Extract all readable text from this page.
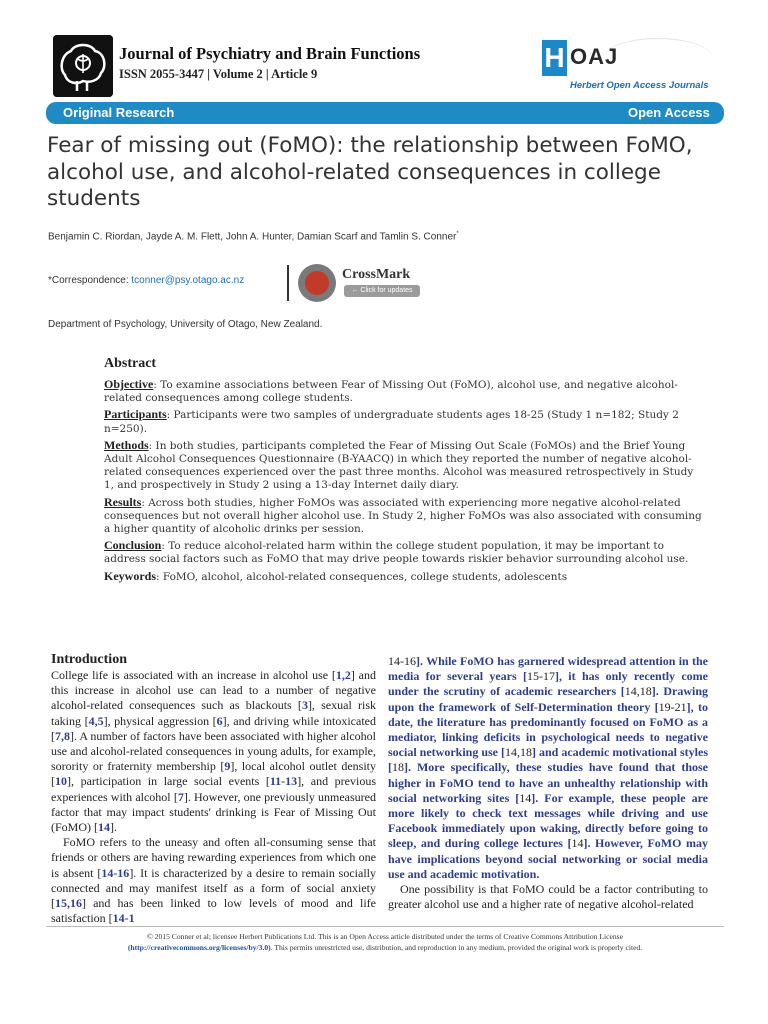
Journal of Psychiatry and Brain Functions
ISSN 2055-3447 | Volume 2 | Article 9
H OAJ
Herbert Open Access Journals
Original Research	Open Access
Fear of missing out (FoMO): the relationship between FoMO, alcohol use, and alcohol-related consequences in college students
Benjamin C. Riordan, Jayde A. M. Flett, John A. Hunter, Damian Scarf and Tamlin S. Conner*
*Correspondence: tconner@psy.otago.ac.nz	CrossMark
← Click for updates
Department of Psychology, University of Otago, New Zealand.
Abstract

Objective: To examine associations between Fear of Missing Out (FoMO), alcohol use, and negative alcohol-related consequences among college students.

Participants: Participants were two samples of undergraduate students ages 18-25 (Study 1 n=182; Study 2 n=250).

Methods: In both studies, participants completed the Fear of Missing Out Scale (FoMOs) and the Brief Young Adult Alcohol Consequences Questionnaire (B-YAACQ) in which they reported the number of negative alcohol-related consequences experienced over the past three months. Alcohol was measured retrospectively in Study 1, and prospectively in Study 2 using a 13-day Internet daily diary.

Results: Across both studies, higher FoMOs was associated with experiencing more negative alcohol-related consequences but not overall higher alcohol use. In Study 2, higher FoMOs was also associated with consuming a higher quantity of alcoholic drinks per session.

Conclusion: To reduce alcohol-related harm within the college student population, it may be important to address social factors such as FoMO that may drive people towards riskier behavior surrounding alcohol use.

Keywords: FoMO, alcohol, alcohol-related consequences, college students, adolescents

Introduction

College life is associated with an increase in alcohol use [1,2] and this increase in alcohol use can lead to a number of negative alcohol-related consequences such as blackouts [3], sexual risk taking [4,5], physical aggression [6], and driving while intoxicated [7,8]. A number of factors have been associated with higher alcohol use and alcohol-related consequences in young adults, for example, sorority or fraternity membership [9], local alcohol outlet density [10], participation in large social events [11-13], and previous experiences with alcohol [7]. However, one previously unmeasured factor that may impact students' drinking is Fear of Missing Out (FoMO) [14].

FoMO refers to the uneasy and often all-consuming sense that friends or others are having rewarding experiences from which one is absent [14-16]. It is characterized by a desire to remain socially connected and may manifest itself as a form of social anxiety [15,16] and has been linked to low levels of mood and life satisfaction [14-1

14-16]. While FoMO has garnered widespread attention in the media for several years [15-17], it has only recently come under the scrutiny of academic researchers [14,18]. Drawing upon the framework of Self-Determination theory [19-21], to date, the literature has predominantly focused on FoMO as a mediator, linking deficits in psychological needs to negative social networking use [14,18] and academic motivational styles [18]. More specifically, these studies have found that those higher in FoMO tend to have an unhealthy relationship with social networking sites [14]. For example, these people are more likely to check text messages while driving and use Facebook immediately upon waking, directly before going to sleep, and during college lectures [14]. However, FoMO may have implications beyond social networking or social media use and academic motivation.

One possibility is that FoMO could be a factor contributing to greater alcohol use and a higher rate of negative alcohol-related

© 2015 Conner et al; licensee Herbert Publications Ltd. This is an Open Access article distributed under the terms of Creative Commons Attribution License
(http://creativecommons.org/licenses/by/3.0). This permits unrestricted use, distribution, and reproduction in any medium, provided the original work is properly cited.
